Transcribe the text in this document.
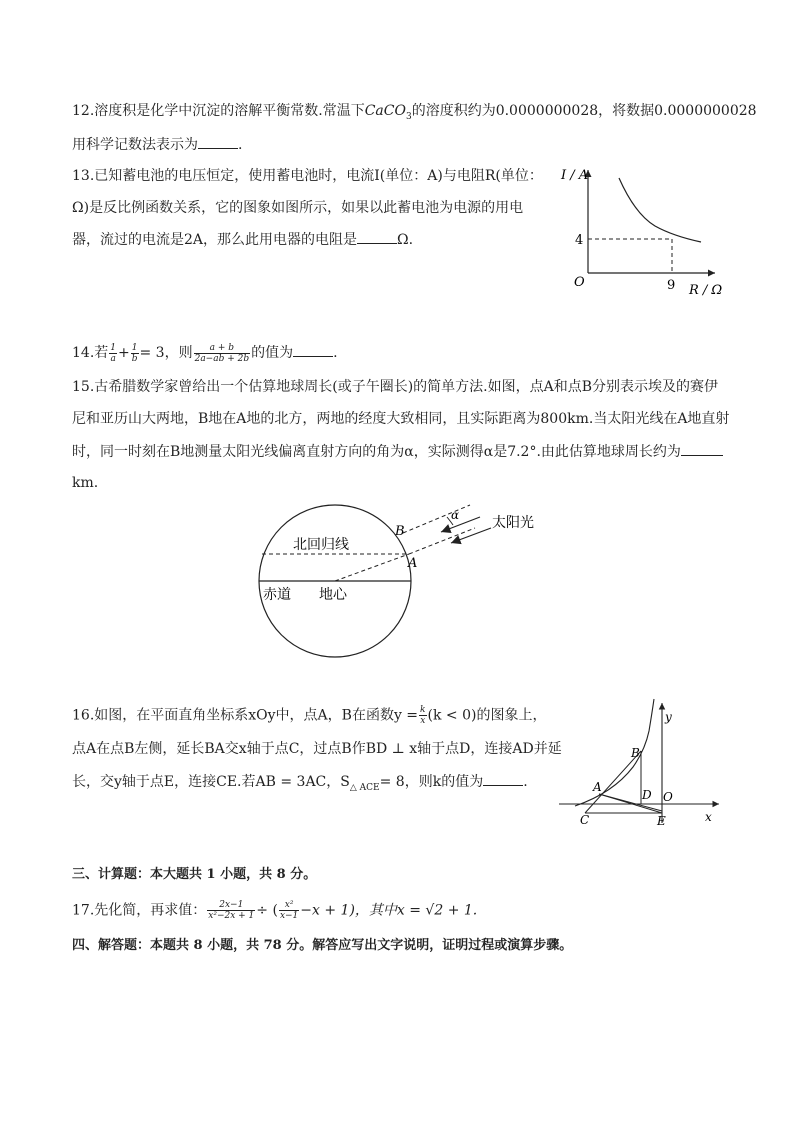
12.溶度积是化学中沉淀的溶解平衡常数.常温下CaCO$_3$的溶度积约为0.0000000028，将数据0.0000000028
用科学记数法表示为	.
13.已知蓄电池的电压恒定，使用蓄电池时，电流I(单位：A)与电阻R(单位：
Ω)是反比例函数关系，它的图象如图所示，如果以此蓄电池为电源的用电
器，流过的电流是2A，那么此用电器的电阻是	Ω.
I / A
R / Ω
O	9
4
14.若 $\frac{1}{a} + \frac{1}{b} = 3$，则 $\frac{a + b}{2a-ab + 2b}$ 的值为	.
15.古希腊数学家曾给出一个估算地球周长(或子午圈长)的简单方法.如图，点A和点B分别表示埃及的赛伊
尼和亚历山大两地，B地在A地的北方，两地的经度大致相同，且实际距离为800km.当太阳光线在A地直射
时，同一时刻在B地测量太阳光线偏离直射方向的角为α，实际测得α是7.2°.由此估算地球周长约为
km.
B
A
α 太阳光
北回归线
赤道 地心
16.如图，在平面直角坐标系xOy中，点A，B在函数$y = \frac{k}{x} (k < 0)$的图象上，
点A在点B左侧，延长BA交x轴于点C，过点B作BD ⊥ x轴于点D，连接AD并延
长，交y轴于点E，连接CE.若AB = 3AC，$S_{\triangle ACE}= 8$，则k的值为	.
y
x
O
A
B
C
D
E
三、计算题：本大题共 1 小题，共 8 分。
17.先化简，再求值： $\frac{2x-1}{\text{x²−2x + 1}}$ ÷ ( $\frac{\text{x²}}{x-1} -x + 1$)，其中x = √2 + 1.
四、解答题：本题共 8 小题，共 78 分。解答应写出文字说明，证明过程或演算步骤。
